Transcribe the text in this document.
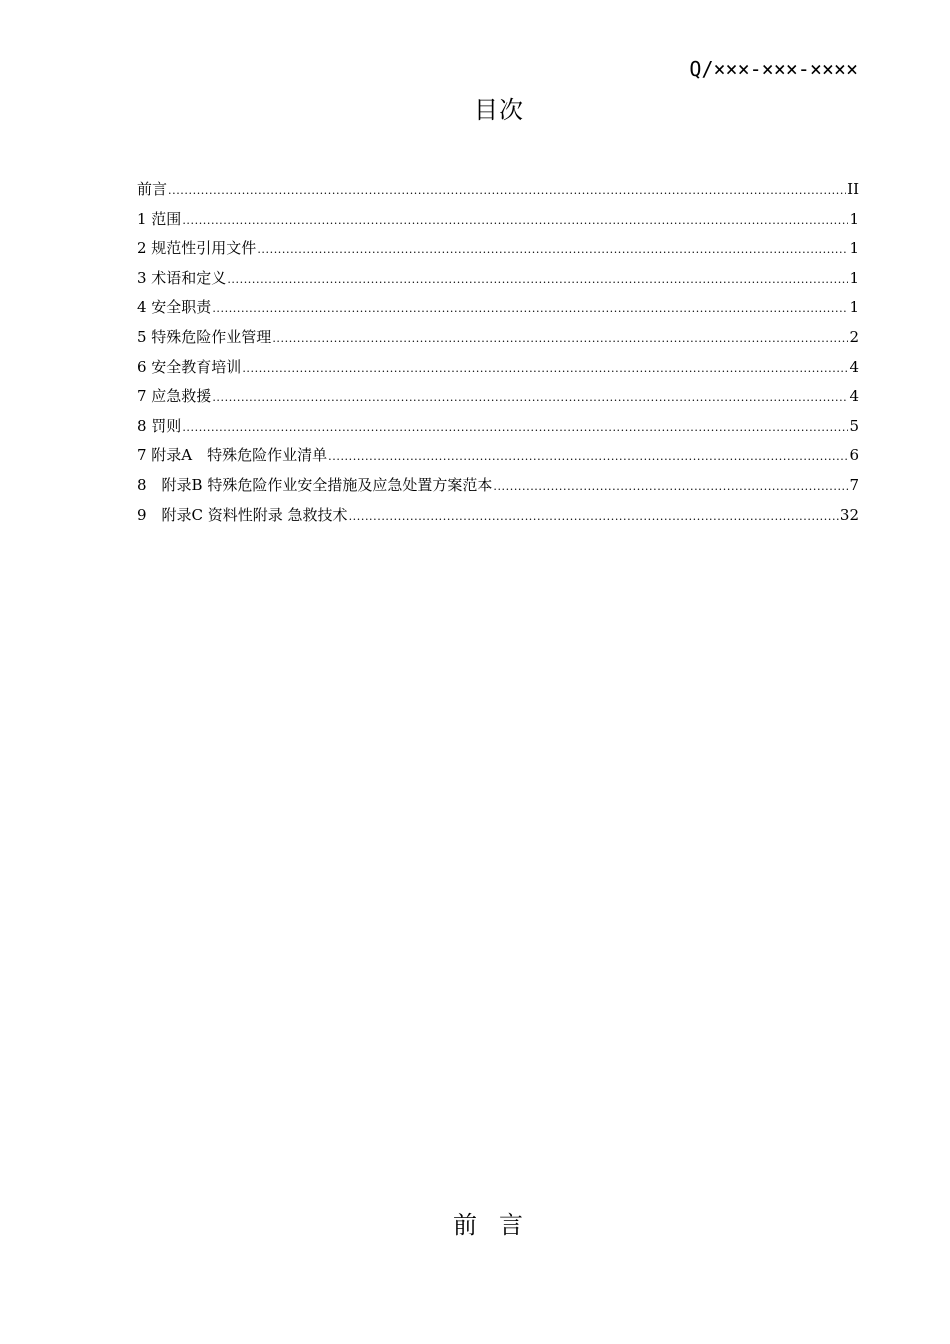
Q/×××-×××-××××
目次
前言 .....	II
1 范围 .....	1
2 规范性引用文件 .....	1
3 术语和定义 .....	1
4 安全职责 .....	1
5 特殊危险作业管理 .....	2
6 安全教育培训 .....	4
7 应急救援 .....	4
8 罚则 .....	5
7 附录A　特殊危险作业清单 .....	6
8　附录B 特殊危险作业安全措施及应急处置方案范本 .....	7
9　附录C 资料性附录 急救技术 .....	32
前言
